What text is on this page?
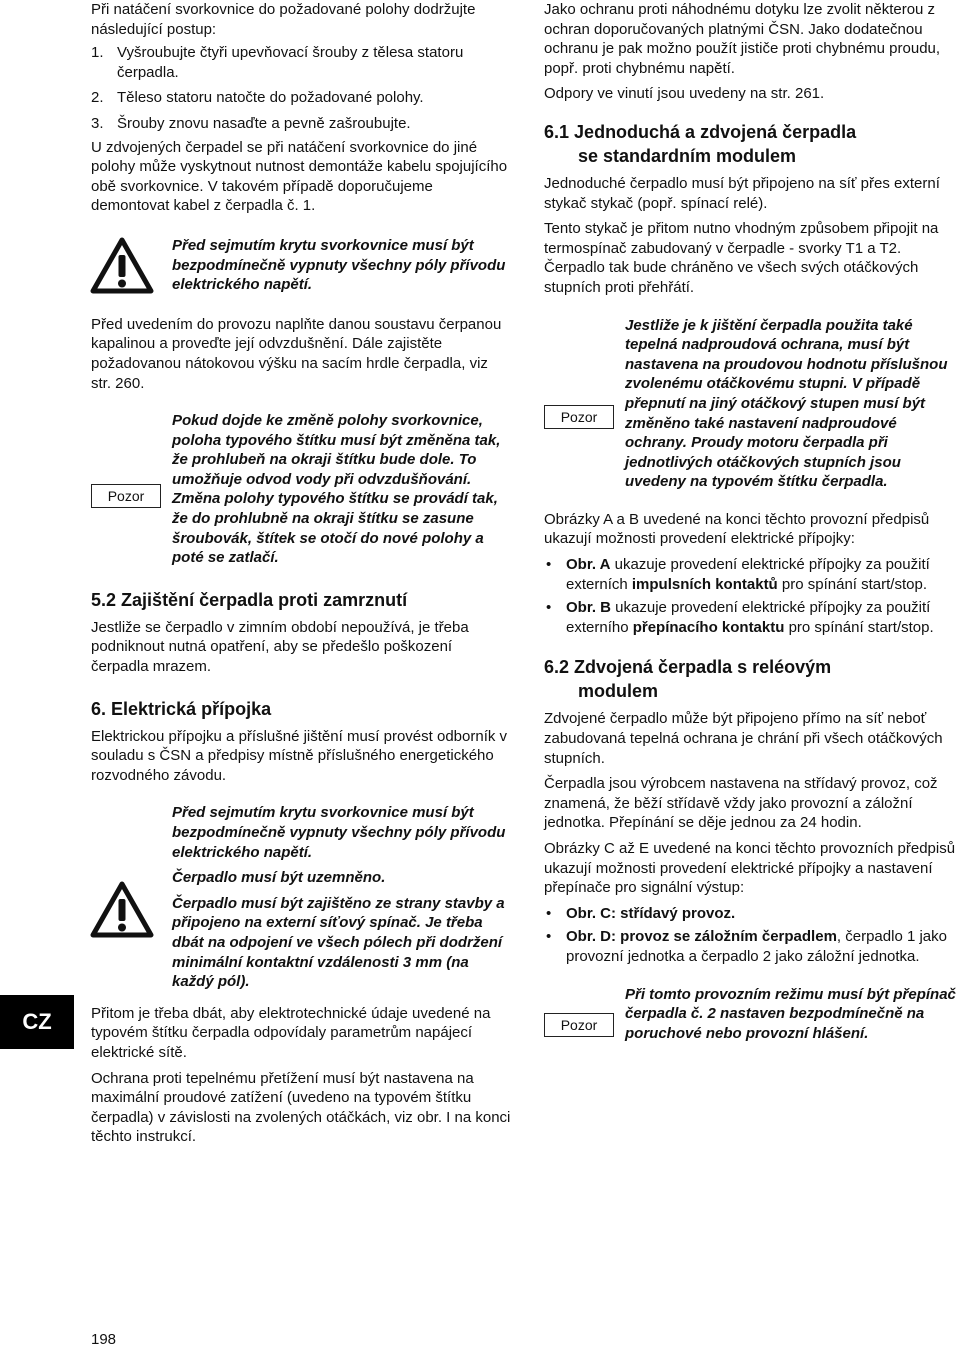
Při natáčení svorkovnice do požadované polohy dodržujte následující postup:

1. Vyšroubujte čtyři upevňovací šrouby z tělesa statoru čerpadla.

2. Těleso statoru natočte do požadované polohy.

3. Šrouby znovu nasaďte a pevně zašroubujte.

U zdvojených čerpadel se při natáčení svorkovnice do jiné polohy může vyskytnout nutnost demontáže kabelu spojujícího obě svorkovnice. V takovém případě doporučujeme demontovat kabel z čerpadla č. 1.

Před sejmutím krytu svorkovnice musí být bezpodmínečně vypnuty všechny póly přívodu elektrického napětí.

Před uvedením do provozu naplňte danou soustavu čerpanou kapalinou a proveďte její odvzdušnění. Dále zajistěte požadovanou nátokovou výšku na sacím hrdle čerpadla, viz str. 260.

Pozor
Pokud dojde ke změně polohy svorkovnice, poloha typového štítku musí být změněna tak, že prohlubeň na okraji štítku bude dole. To umožňuje odvod vody při odvzdušňování. Změna polohy typového štítku se provádí tak, že do prohlubně na okraji štítku se zasune šroubovák, štítek se otočí do nové polohy a poté se zatlačí.
5.2 Zajištění čerpadla proti zamrznutí

Jestliže se čerpadlo v zimním období nepoužívá, je třeba podniknout nutná opatření, aby se předešlo poškození čerpadla mrazem.

6. Elektrická přípojka

Elektrickou přípojku a příslušné jištění musí provést odborník v souladu s ČSN a předpisy místně příslušného energetického rozvodného závodu.

Před sejmutím krytu svorkovnice musí být bezpodmínečně vypnuty všechny póly přívodu elektrického napětí.
Čerpadlo musí být uzemněno.
Čerpadlo musí být zajištěno ze strany stavby a připojeno na externí síťový spínač. Je třeba dbát na odpojení ve všech pólech při dodržení minimální kontaktní vzdálenosti 3 mm (na každý pól).

Přitom je třeba dbát, aby elektrotechnické údaje uvedené na typovém štítku čerpadla odpovídaly parametrům napájecí elektrické sítě.

Ochrana proti tepelnému přetížení musí být nastavena na maximální proudové zatížení (uvedeno na typovém štítku čerpadla) v závislosti na zvolených otáčkách, viz obr. I na konci těchto instrukcí.

Jako ochranu proti náhodnému dotyku lze zvolit některou z ochran doporučovaných platnými ČSN. Jako dodatečnou ochranu je pak možno použít jističe proti chybnému proudu, popř. proti chybnému napětí.

Odpory ve vinutí jsou uvedeny na str. 261.

6.1 Jednoduchá a zdvojená čerpadla
se standardním modulem

Jednoduché čerpadlo musí být připojeno na síť přes externí stykač stykač (popř. spínací relé).

Tento stykač je přitom nutno vhodným způsobem připojit na termospínač zabudovaný v čerpadle - svorky T1 a T2. Čerpadlo tak bude chráněno ve všech svých otáčkových stupních proti přehřátí.

Pozor
Jestliže je k jištění čerpadla použita také tepelná nadproudová ochrana, musí být nastavena na proudovou hodnotu příslušnou zvolenému otáčkovému stupni. V případě přepnutí na jiný otáčkový stupen musí být změněno také nastavení nadproudové ochrany. Proudy motoru čerpadla při jednotlivých otáčkových stupních jsou uvedeny na typovém štítku čerpadla.

Obrázky A a B uvedené na konci těchto provozní předpisů ukazují možnosti provedení elektrické přípojky:

• Obr. A ukazuje provedení elektrické přípojky za použití externích impulsních kontaktů pro spínání start/stop.

• Obr. B ukazuje provedení elektrické přípojky za použití externího přepínacího kontaktu pro spínání start/stop.

6.2 Zdvojená čerpadla s reléovým
modulem

Zdvojené čerpadlo může být připojeno přímo na síť neboť zabudovaná tepelná ochrana je chrání při všech otáčkových stupních.

Čerpadla jsou výrobcem nastavena na střídavý provoz, což znamená, že běží střídavě vždy jako provozní a záložní jednotka. Přepínání se děje jednou za 24 hodin.

Obrázky C až E uvedené na konci těchto provozních předpisů ukazují možnosti provedení elektrické přípojky a nastavení přepínače pro signální výstup:

• Obr. C: střídavý provoz.

• Obr. D: provoz se záložním čerpadlem, čerpadlo 1 jako provozní jednotka a čerpadlo 2 jako záložní jednotka.

Pozor
Při tomto provozním režimu musí být přepínač čerpadla č. 2 nastaven bezpodmínečně na poruchové nebo provozní hlášení.
CZ
198
